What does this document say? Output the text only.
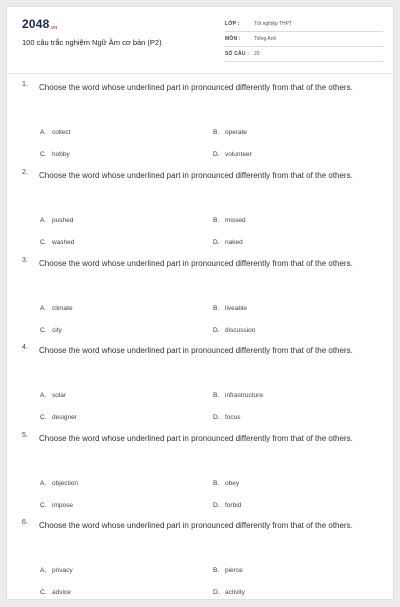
2048.vn
100 câu trắc nghiệm Ngữ Âm cơ bản (P2)
LỚP :	Tốt nghiệp THPT
MÔN :	Tiếng Anh
SỐ CÂU : 20
1. Choose the word whose underlined part in pronounced differently from that of the others.
A. collect	B. operate
C. hobby	D. volunteer
2. Choose the word whose underlined part in pronounced differently from that of the others.
A. pushed	B. missed
C. washed	D. naked
3. Choose the word whose underlined part in pronounced differently from that of the others.
A. climate	B. liveable
C. city	D. discussion
4. Choose the word whose underlined part in pronounced differently from that of the others.
A. solar	B. infrastructure
C. designer	D. focus
5. Choose the word whose underlined part in pronounced differently from that of the others.
A. objection	B. obey
C. impose	D. forbid
6. Choose the word whose underlined part in pronounced differently from that of the others.
A. privacy	B. pierce
C. advice	D. activity
